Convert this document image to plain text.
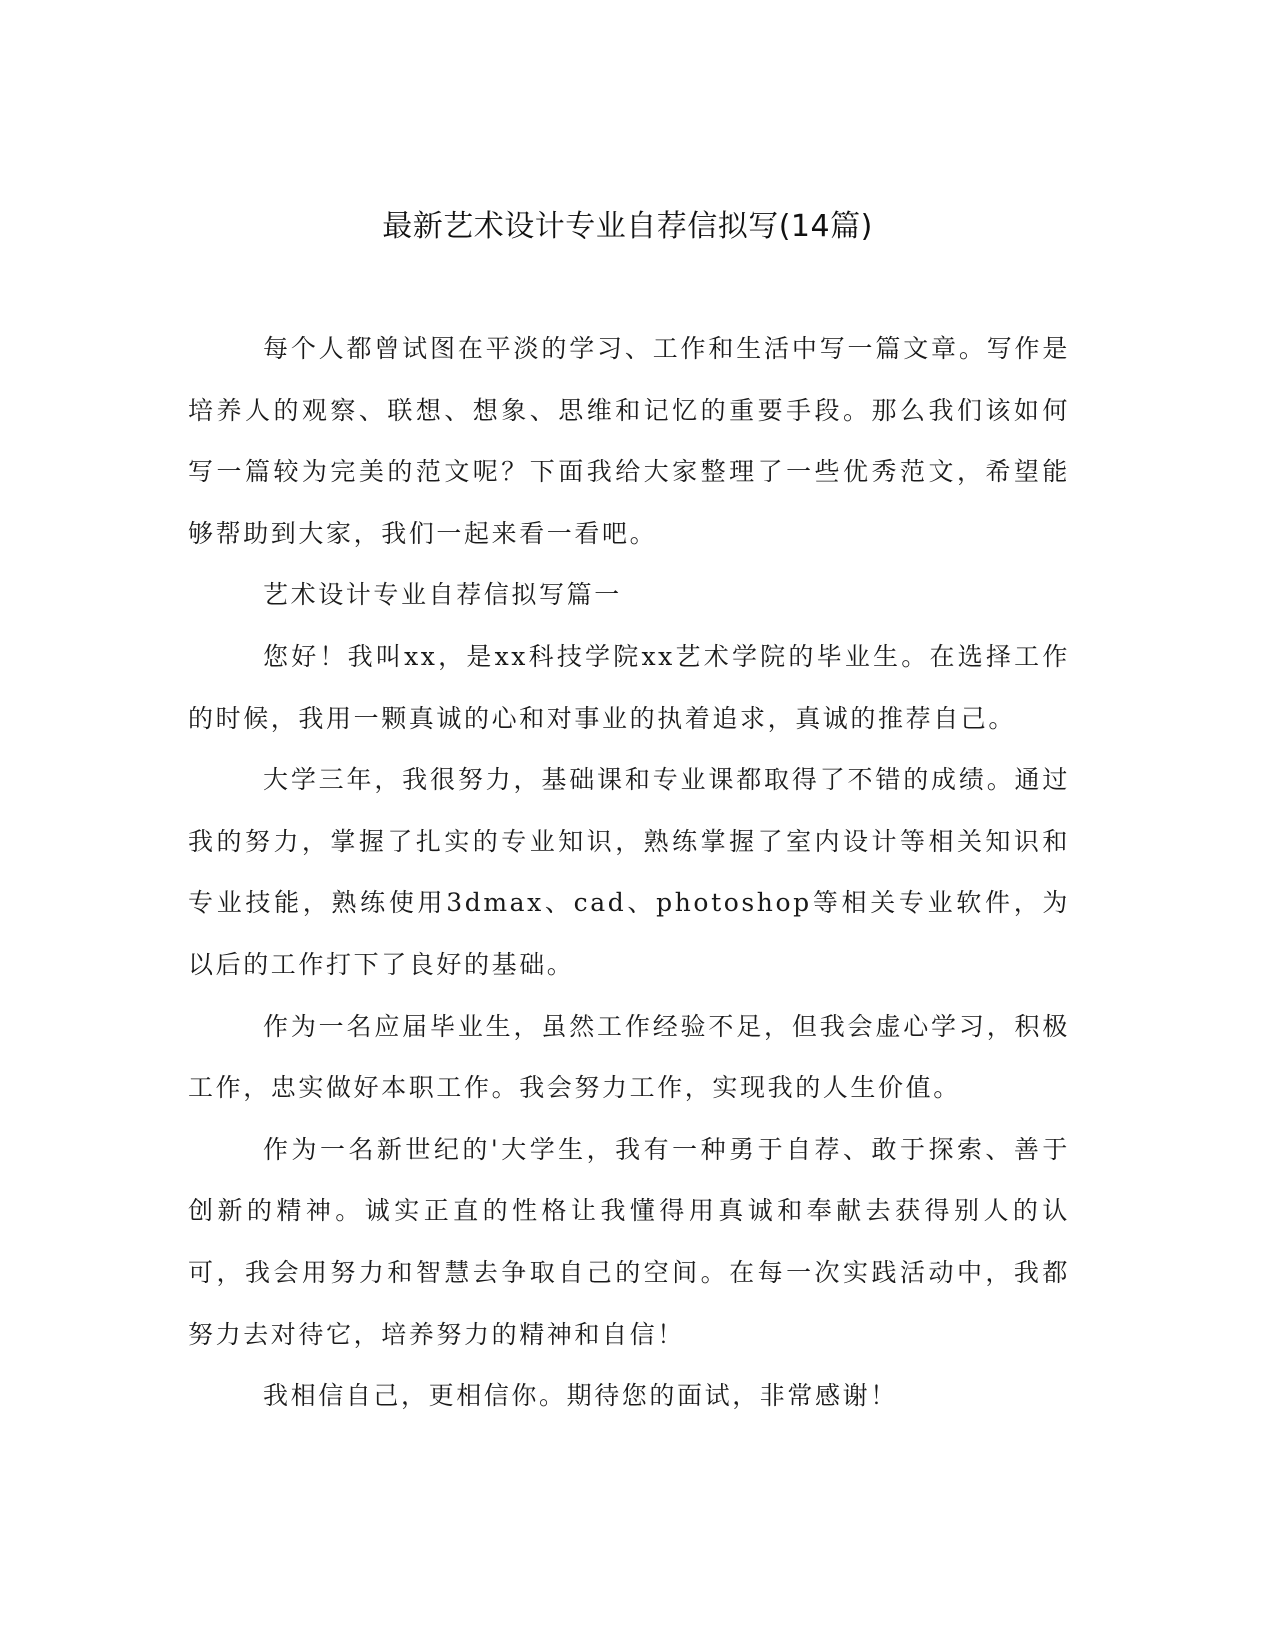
最新艺术设计专业自荐信拟写(14篇)

每个人都曾试图在平淡的学习、工作和生活中写一篇文章。写作是培养人的观察、联想、想象、思维和记忆的重要手段。那么我们该如何写一篇较为完美的范文呢？下面我给大家整理了一些优秀范文，希望能够帮助到大家，我们一起来看一看吧。

艺术设计专业自荐信拟写篇一

您好！我叫xx，是xx科技学院xx艺术学院的毕业生。在选择工作的时候，我用一颗真诚的心和对事业的执着追求，真诚的推荐自己。

大学三年，我很努力，基础课和专业课都取得了不错的成绩。通过我的努力，掌握了扎实的专业知识，熟练掌握了室内设计等相关知识和专业技能，熟练使用3dmax、cad、photoshop等相关专业软件，为以后的工作打下了良好的基础。

作为一名应届毕业生，虽然工作经验不足，但我会虚心学习，积极工作，忠实做好本职工作。我会努力工作，实现我的人生价值。

作为一名新世纪的'大学生，我有一种勇于自荐、敢于探索、善于创新的精神。诚实正直的性格让我懂得用真诚和奉献去获得别人的认可，我会用努力和智慧去争取自己的空间。在每一次实践活动中，我都努力去对待它，培养努力的精神和自信！

我相信自己，更相信你。期待您的面试，非常感谢！
